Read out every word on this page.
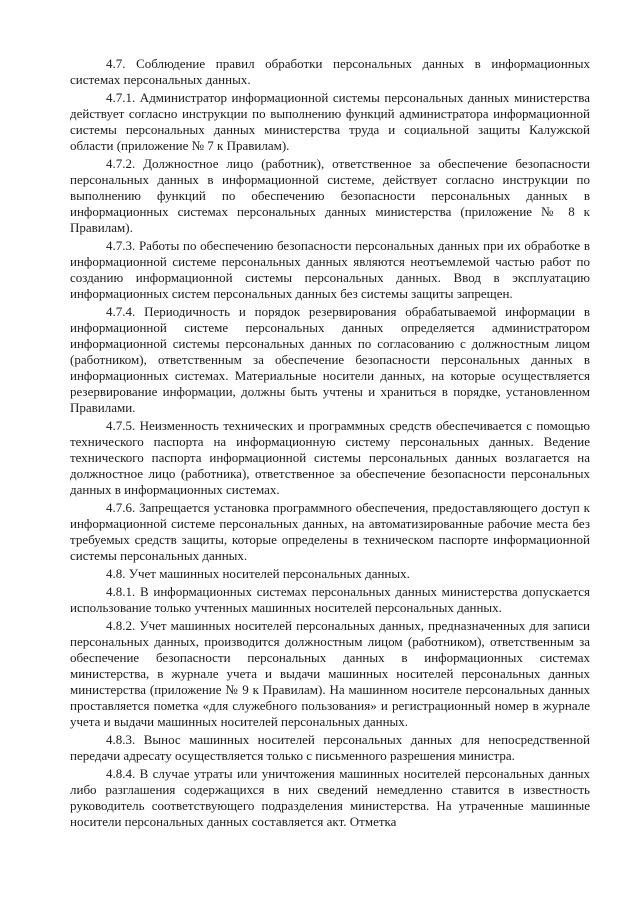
4.7. Соблюдение правил обработки персональных данных в информационных системах персональных данных.

4.7.1. Администратор информационной системы персональных данных министерства действует согласно инструкции по выполнению функций администратора информационной системы персональных данных министерства труда и социальной защиты Калужской области (приложение № 7 к Правилам).

4.7.2. Должностное лицо (работник), ответственное за обеспечение безопасности персональных данных в информационной системе, действует согласно инструкции по выполнению функций по обеспечению безопасности персональных данных в информационных системах персональных данных министерства (приложение № 8 к Правилам).

4.7.3. Работы по обеспечению безопасности персональных данных при их обработке в информационной системе персональных данных являются неотъемлемой частью работ по созданию информационной системы персональных данных. Ввод в эксплуатацию информационных систем персональных данных без системы защиты запрещен.

4.7.4. Периодичность и порядок резервирования обрабатываемой информации в информационной системе персональных данных определяется администратором информационной системы персональных данных по согласованию с должностным лицом (работником), ответственным за обеспечение безопасности персональных данных в информационных системах. Материальные носители данных, на которые осуществляется резервирование информации, должны быть учтены и храниться в порядке, установленном Правилами.

4.7.5. Неизменность технических и программных средств обеспечивается с помощью технического паспорта на информационную систему персональных данных. Ведение технического паспорта информационной системы персональных данных возлагается на должностное лицо (работника), ответственное за обеспечение безопасности персональных данных в информационных системах.

4.7.6. Запрещается установка программного обеспечения, предоставляющего доступ к информационной системе персональных данных, на автоматизированные рабочие места без требуемых средств защиты, которые определены в техническом паспорте информационной системы персональных данных.

4.8. Учет машинных носителей персональных данных.

4.8.1. В информационных системах персональных данных министерства допускается использование только учтенных машинных носителей персональных данных.

4.8.2. Учет машинных носителей персональных данных, предназначенных для записи персональных данных, производится должностным лицом (работником), ответственным за обеспечение безопасности персональных данных в информационных системах министерства, в журнале учета и выдачи машинных носителей персональных данных министерства (приложение № 9 к Правилам). На машинном носителе персональных данных проставляется пометка «для служебного пользования» и регистрационный номер в журнале учета и выдачи машинных носителей персональных данных.

4.8.3. Вынос машинных носителей персональных данных для непосредственной передачи адресату осуществляется только с письменного разрешения министра.

4.8.4. В случае утраты или уничтожения машинных носителей персональных данных либо разглашения содержащихся в них сведений немедленно ставится в известность руководитель соответствующего подразделения министерства. На утраченные машинные носители персональных данных составляется акт. Отметка
